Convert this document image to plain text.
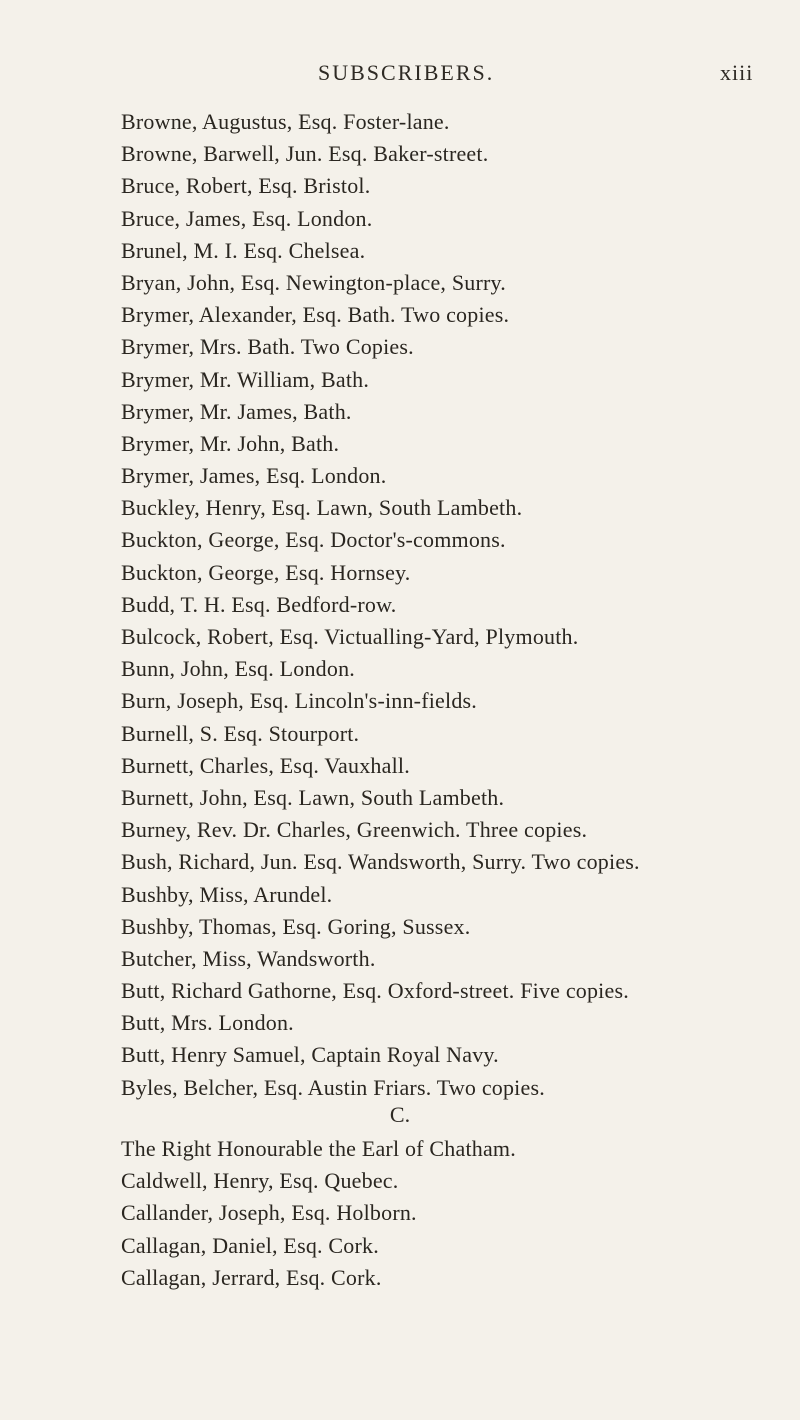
SUBSCRIBERS.	xiii
Browne, Augustus, Esq. Foster-lane.
Browne, Barwell, Jun. Esq. Baker-street.
Bruce, Robert, Esq. Bristol.
Bruce, James, Esq. London.
Brunel, M. I. Esq. Chelsea.
Bryan, John, Esq. Newington-place, Surry.
Brymer, Alexander, Esq. Bath. Two copies.
Brymer, Mrs. Bath. Two Copies.
Brymer, Mr. William, Bath.
Brymer, Mr. James, Bath.
Brymer, Mr. John, Bath.
Brymer, James, Esq. London.
Buckley, Henry, Esq. Lawn, South Lambeth.
Buckton, George, Esq. Doctor's-commons.
Buckton, George, Esq. Hornsey.
Budd, T. H. Esq. Bedford-row.
Bulcock, Robert, Esq. Victualling-Yard, Plymouth.
Bunn, John, Esq. London.
Burn, Joseph, Esq. Lincoln's-inn-fields.
Burnell, S. Esq. Stourport.
Burnett, Charles, Esq. Vauxhall.
Burnett, John, Esq. Lawn, South Lambeth.
Burney, Rev. Dr. Charles, Greenwich. Three copies.
Bush, Richard, Jun. Esq. Wandsworth, Surry. Two copies.
Bushby, Miss, Arundel.
Bushby, Thomas, Esq. Goring, Sussex.
Butcher, Miss, Wandsworth.
Butt, Richard Gathorne, Esq. Oxford-street. Five copies.
Butt, Mrs. London.
Butt, Henry Samuel, Captain Royal Navy.
Byles, Belcher, Esq. Austin Friars. Two copies.
C.
The Right Honourable the Earl of Chatham.
Caldwell, Henry, Esq. Quebec.
Callander, Joseph, Esq. Holborn.
Callagan, Daniel, Esq. Cork.
Callagan, Jerrard, Esq. Cork.
